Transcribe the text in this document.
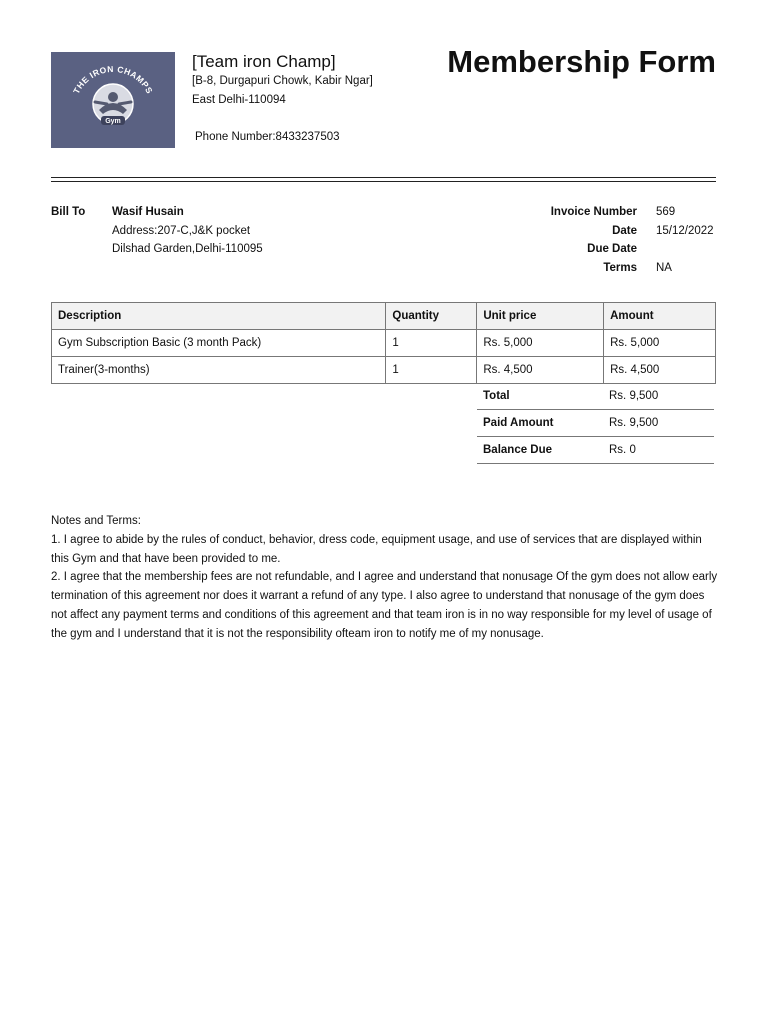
THE IRON CHAMPS
Gym
[Team iron Champ]
[B-8, Durgapuri Chowk, Kabir Ngar]
East Delhi-110094
Phone Number:8433237503
Membership Form
Bill To Wasif Husain
Address:207-C,J&K pocket
Dilshad Garden,Delhi-110095
Invoice Number 569
Date 15/12/2022
Due Date
Terms NA
Description	Quantity	Unit price	Amount
Gym Subscription Basic (3 month Pack)	1	Rs. 5,000	Rs. 5,000
Trainer(3-months)	1	Rs. 4,500	Rs. 4,500
Total	Rs. 9,500
Paid Amount	Rs. 9,500
Balance Due	Rs. 0

Notes and Terms:

1. I agree to abide by the rules of conduct, behavior, dress code, equipment usage, and use of services that are displayed within this Gym and that have been provided to me.

2. I agree that the membership fees are not refundable, and I agree and understand that nonusage Of the gym does not allow early termination of this agreement nor does it warrant a refund of any type. I also agree to understand that nonusage of the gym does not affect any payment terms and conditions of this agreement and that team iron is in no way responsible for my level of usage of the gym and I understand that it is not the responsibility ofteam iron to notify me of my nonusage.
